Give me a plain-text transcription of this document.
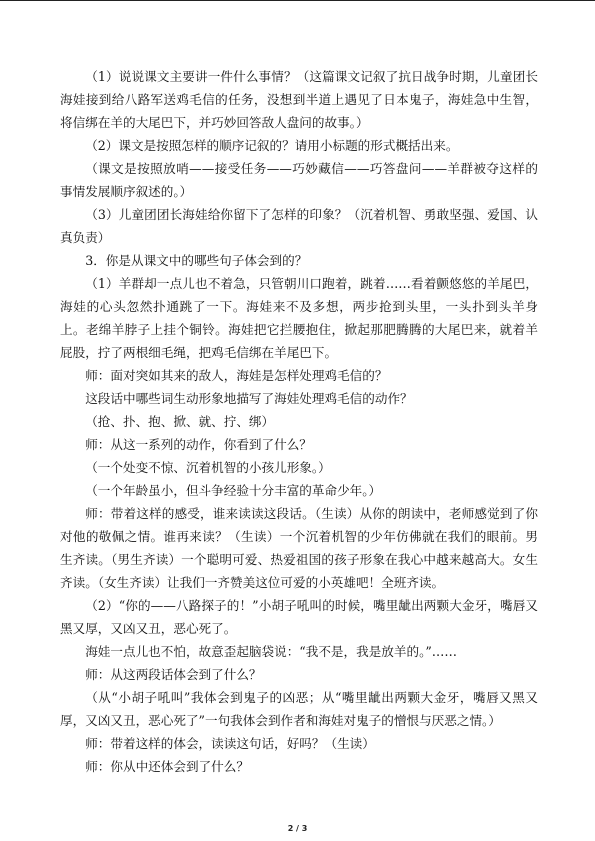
（1）说说课文主要讲一件什么事情？（这篇课文记叙了抗日战争时期，儿童团长海娃接到给八路军送鸡毛信的任务，没想到半道上遇见了日本鬼子，海娃急中生智，将信绑在羊的大尾巴下，并巧妙回答敌人盘问的故事。）

（2）课文是按照怎样的顺序记叙的？请用小标题的形式概括出来。

（课文是按照放哨——接受任务——巧妙藏信——巧答盘问——羊群被夺这样的事情发展顺序叙述的。）

（3）儿童团团长海娃给你留下了怎样的印象？（沉着机智、勇敢坚强、爱国、认真负责）

3．你是从课文中的哪些句子体会到的？

（1）羊群却一点儿也不着急，只管朝川口跑着，跳着……看着颤悠悠的羊尾巴，海娃的心头忽然扑通跳了一下。海娃来不及多想，两步抢到头里，一头扑到头羊身上。老绵羊脖子上挂个铜铃。海娃把它拦腰抱住，掀起那肥腾腾的大尾巴来，就着羊屁股，拧了两根细毛绳，把鸡毛信绑在羊尾巴下。

师：面对突如其来的敌人，海娃是怎样处理鸡毛信的？

这段话中哪些词生动形象地描写了海娃处理鸡毛信的动作？

（抢、扑、抱、掀、就、拧、绑）

师：从这一系列的动作，你看到了什么？

（一个处变不惊、沉着机智的小孩儿形象。）

（一个年龄虽小，但斗争经验十分丰富的革命少年。）

师：带着这样的感受，谁来读读这段话。（生读）从你的朗读中，老师感觉到了你对他的敬佩之情。谁再来读？（生读）一个沉着机智的少年仿佛就在我们的眼前。男生齐读。（男生齐读）一个聪明可爱、热爱祖国的孩子形象在我心中越来越高大。女生齐读。（女生齐读）让我们一齐赞美这位可爱的小英雄吧！全班齐读。

（2）“你的——八路探子的！”小胡子吼叫的时候，嘴里龇出两颗大金牙，嘴唇又黑又厚，又凶又丑，恶心死了。

海娃一点儿也不怕，故意歪起脑袋说：“我不是，我是放羊的。”……

师：从这两段话体会到了什么？

（从“小胡子吼叫”我体会到鬼子的凶恶；从“嘴里龇出两颗大金牙，嘴唇又黑又厚，又凶又丑，恶心死了”一句我体会到作者和海娃对鬼子的憎恨与厌恶之情。）

师：带着这样的体会，读读这句话，好吗？（生读）

师：你从中还体会到了什么？

2 / 3
